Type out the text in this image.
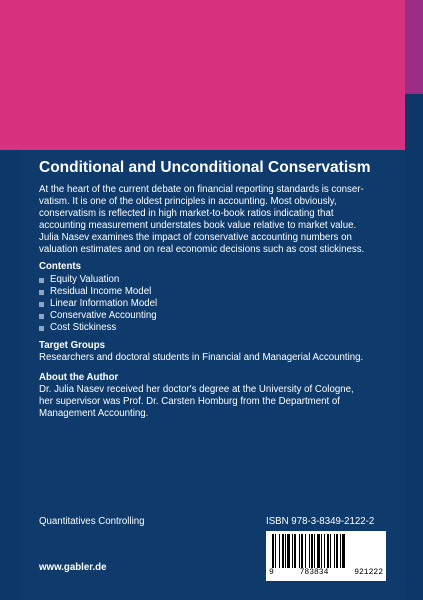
Conditional and Unconditional Conservatism
At the heart of the current debate on financial reporting standards is conser-
vatism. It is one of the oldest principles in accounting. Most obviously,
conservatism is reflected in high market-to-book ratios indicating that
accounting measurement understates book value relative to market value.
Julia Nasev examines the impact of conservative accounting numbers on
valuation estimates and on real economic decisions such as cost stickiness.
Contents
Equity Valuation
Residual Income Model
Linear Information Model
Conservative Accounting
Cost Stickiness
Target Groups

Researchers and doctoral students in Financial and Managerial Accounting.

About the Author
Dr. Julia Nasev received her doctor's degree at the University of Cologne,
her supervisor was Prof. Dr. Carsten Homburg from the Department of
Management Accounting.

Quantitatives Controlling	ISBN 978-3-8349-2122-2

9	783834	921222

www.gabler.de
